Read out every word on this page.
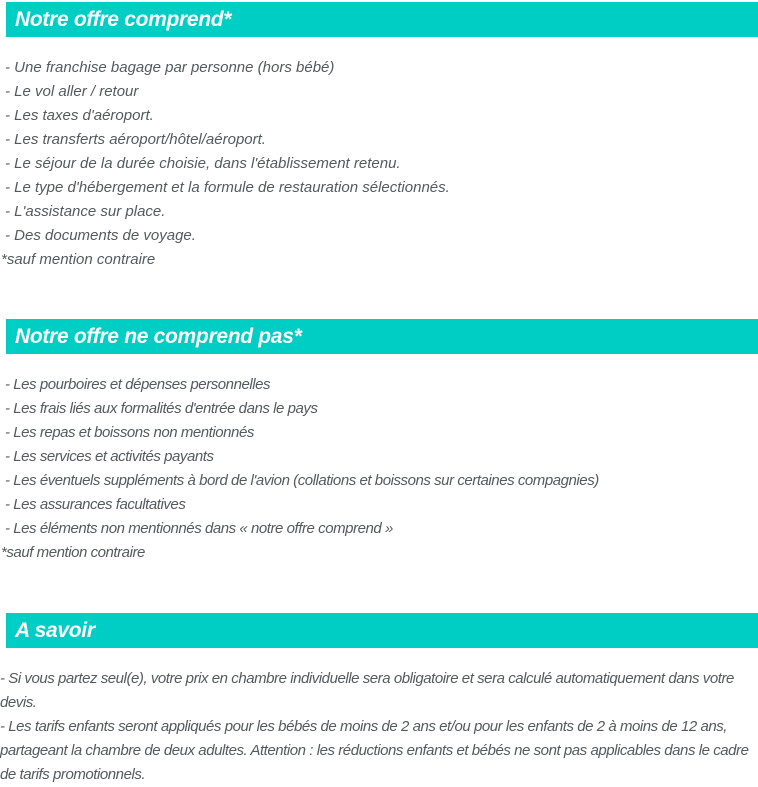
Notre offre comprend*

- Une franchise bagage par personne (hors bébé)

- Le vol aller / retour

- Les taxes d'aéroport.

- Les transferts aéroport/hôtel/aéroport.

- Le séjour de la durée choisie, dans l'établissement retenu.

- Le type d'hébergement et la formule de restauration sélectionnés.

- L'assistance sur place.

- Des documents de voyage.

*sauf mention contraire

Notre offre ne comprend pas*

- Les pourboires et dépenses personnelles

- Les frais liés aux formalités d'entrée dans le pays

- Les repas et boissons non mentionnés

- Les services et activités payants

- Les éventuels suppléments à bord de l'avion (collations et boissons sur certaines compagnies)

- Les assurances facultatives

- Les éléments non mentionnés dans « notre offre comprend »

*sauf mention contraire

A savoir

- Si vous partez seul(e), votre prix en chambre individuelle sera obligatoire et sera calculé automatiquement dans votre devis.

- Les tarifs enfants seront appliqués pour les bébés de moins de 2 ans et/ou pour les enfants de 2 à moins de 12 ans, partageant la chambre de deux adultes. Attention : les réductions enfants et bébés ne sont pas applicables dans le cadre de tarifs promotionnels.
